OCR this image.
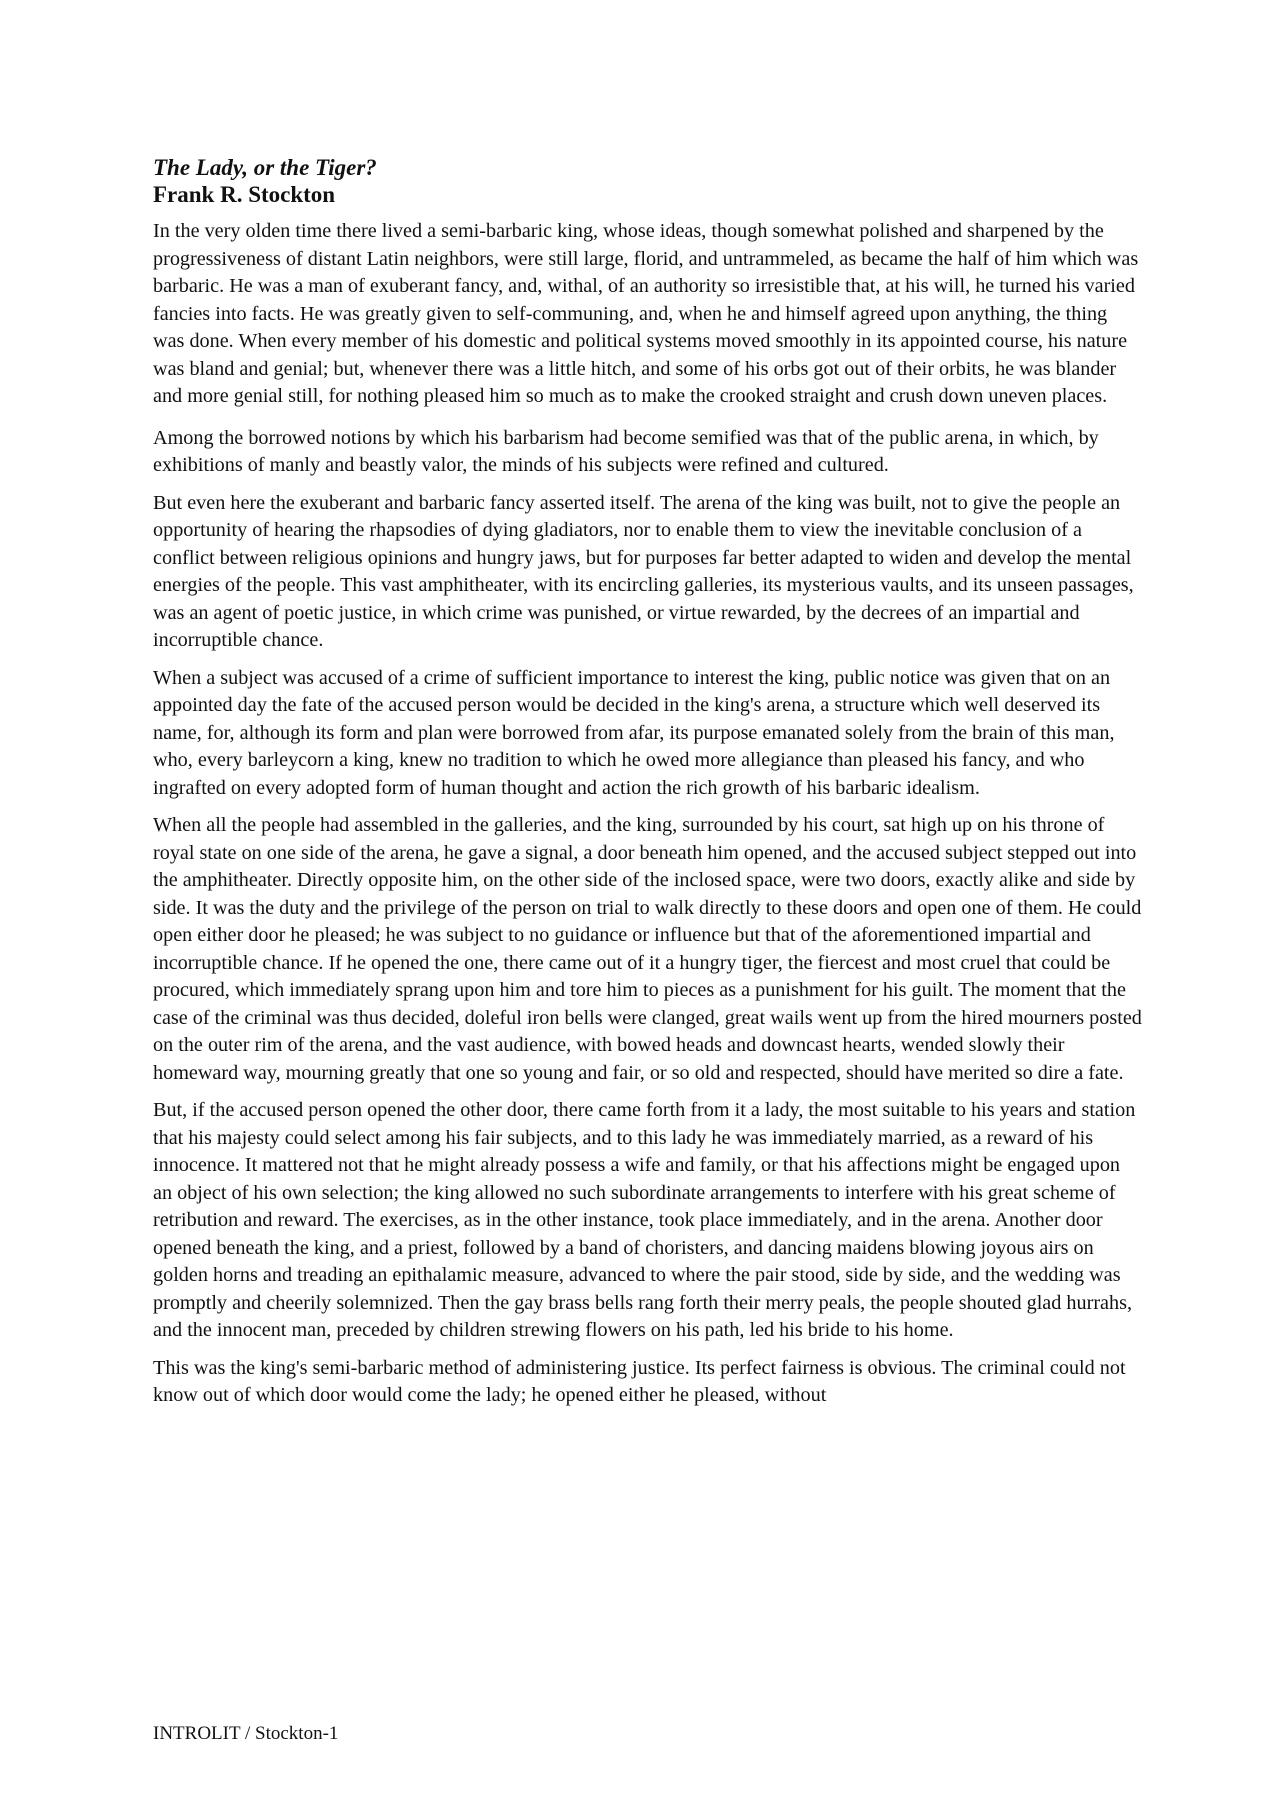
The Lady, or the Tiger?
Frank R. Stockton

In the very olden time there lived a semi-barbaric king, whose ideas, though somewhat polished and sharpened by the progressiveness of distant Latin neighbors, were still large, florid, and untrammeled, as became the half of him which was barbaric. He was a man of exuberant fancy, and, withal, of an authority so irresistible that, at his will, he turned his varied fancies into facts. He was greatly given to self-communing, and, when he and himself agreed upon anything, the thing was done. When every member of his domestic and political systems moved smoothly in its appointed course, his nature was bland and genial; but, whenever there was a little hitch, and some of his orbs got out of their orbits, he was blander and more genial still, for nothing pleased him so much as to make the crooked straight and crush down uneven places.

Among the borrowed notions by which his barbarism had become semified was that of the public arena, in which, by exhibitions of manly and beastly valor, the minds of his subjects were refined and cultured.

But even here the exuberant and barbaric fancy asserted itself. The arena of the king was built, not to give the people an opportunity of hearing the rhapsodies of dying gladiators, nor to enable them to view the inevitable conclusion of a conflict between religious opinions and hungry jaws, but for purposes far better adapted to widen and develop the mental energies of the people. This vast amphitheater, with its encircling galleries, its mysterious vaults, and its unseen passages, was an agent of poetic justice, in which crime was punished, or virtue rewarded, by the decrees of an impartial and incorruptible chance.

When a subject was accused of a crime of sufficient importance to interest the king, public notice was given that on an appointed day the fate of the accused person would be decided in the king's arena, a structure which well deserved its name, for, although its form and plan were borrowed from afar, its purpose emanated solely from the brain of this man, who, every barleycorn a king, knew no tradition to which he owed more allegiance than pleased his fancy, and who ingrafted on every adopted form of human thought and action the rich growth of his barbaric idealism.

When all the people had assembled in the galleries, and the king, surrounded by his court, sat high up on his throne of royal state on one side of the arena, he gave a signal, a door beneath him opened, and the accused subject stepped out into the amphitheater. Directly opposite him, on the other side of the inclosed space, were two doors, exactly alike and side by side. It was the duty and the privilege of the person on trial to walk directly to these doors and open one of them. He could open either door he pleased; he was subject to no guidance or influence but that of the aforementioned impartial and incorruptible chance. If he opened the one, there came out of it a hungry tiger, the fiercest and most cruel that could be procured, which immediately sprang upon him and tore him to pieces as a punishment for his guilt. The moment that the case of the criminal was thus decided, doleful iron bells were clanged, great wails went up from the hired mourners posted on the outer rim of the arena, and the vast audience, with bowed heads and downcast hearts, wended slowly their homeward way, mourning greatly that one so young and fair, or so old and respected, should have merited so dire a fate.

But, if the accused person opened the other door, there came forth from it a lady, the most suitable to his years and station that his majesty could select among his fair subjects, and to this lady he was immediately married, as a reward of his innocence. It mattered not that he might already possess a wife and family, or that his affections might be engaged upon an object of his own selection; the king allowed no such subordinate arrangements to interfere with his great scheme of retribution and reward. The exercises, as in the other instance, took place immediately, and in the arena. Another door opened beneath the king, and a priest, followed by a band of choristers, and dancing maidens blowing joyous airs on golden horns and treading an epithalamic measure, advanced to where the pair stood, side by side, and the wedding was promptly and cheerily solemnized. Then the gay brass bells rang forth their merry peals, the people shouted glad hurrahs, and the innocent man, preceded by children strewing flowers on his path, led his bride to his home.

This was the king's semi-barbaric method of administering justice. Its perfect fairness is obvious. The criminal could not know out of which door would come the lady; he opened either he pleased, without

INTROLIT / Stockton-1
